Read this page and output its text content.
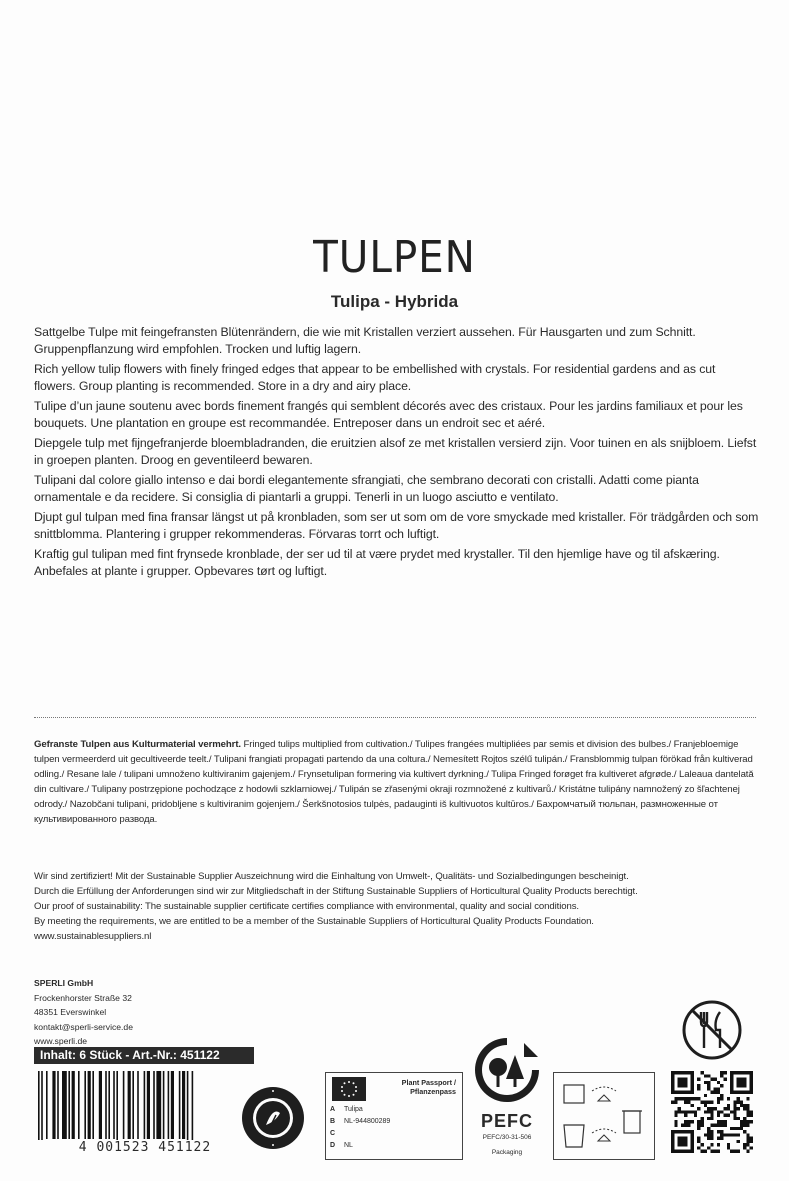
TULPEN
Tulipa - Hybrida

Sattgelbe Tulpe mit feingefransten Blütenrändern, die wie mit Kristallen verziert aussehen. Für Hausgarten und zum Schnitt. Gruppenpflanzung wird empfohlen. Trocken und luftig lagern.

Rich yellow tulip flowers with finely fringed edges that appear to be embellished with crystals. For residential gardens and as cut flowers. Group planting is recommended. Store in a dry and airy place.

Tulipe d’un jaune soutenu avec bords finement frangés qui semblent décorés avec des cristaux. Pour les jardins familiaux et pour les bouquets. Une plantation en groupe est recommandée. Entreposer dans un endroit sec et aéré.

Diepgele tulp met fijngefranjerde bloembladranden, die eruitzien alsof ze met kristallen versierd zijn. Voor tuinen en als snijbloem. Liefst in groepen planten. Droog en geventileerd bewaren.

Tulipani dal colore giallo intenso e dai bordi elegantemente sfrangiati, che sembrano decorati con cristalli. Adatti come pianta ornamentale e da recidere. Si consiglia di piantarli a gruppi. Tenerli in un luogo asciutto e ventilato.

Djupt gul tulpan med fina fransar längst ut på kronbladen, som ser ut som om de vore smyckade med kristaller. För trädgården och som snittblomma. Plantering i grupper rekommenderas. Förvaras torrt och luftigt.

Kraftig gul tulipan med fint frynsede kronblade, der ser ud til at være prydet med krystaller. Til den hjemlige have og til afskæring. Anbefales at plante i grupper. Opbevares tørt og luftigt.

Gefranste Tulpen aus Kulturmaterial vermehrt. Fringed tulips multiplied from cultivation./ Tulipes frangées multipliées par semis et division des bulbes./ Franjebloemige tulpen vermeerderd uit gecultiveerde teelt./ Tulipani frangiati propagati partendo da una coltura./ Nemesített Rojtos szélű tulipán./ Fransblommig tulpan förökad från kultiverad odling./ Resane lale / tulipani umnoženo kultiviranim gajenjem./ Frynsetulipan formering via kultivert dyrkning./ Tulipa Fringed forøget fra kultiveret afgrøde./ Laleaua dantelată din cultivare./ Tulipany postrzępione pochodzące z hodowli szklarniowej./ Tulipán se zřasenými okraji rozmnožené z kultivarů./ Kristátne tulipány namnožený zo šľachtenej odrody./ Nazobčani tulipani, pridobljene s kultiviranim gojenjem./ Šerkšnotosios tulpės, padauginti iš kultivuotos kultūros./ Бахромчатый тюльпан, размноженные от культивированного развода.
Wir sind zertifiziert! Mit der Sustainable Supplier Auszeichnung wird die Einhaltung von Umwelt-, Qualitäts- und Sozialbedingungen bescheinigt.
Durch die Erfüllung der Anforderungen sind wir zur Mitgliedschaft in der Stiftung Sustainable Suppliers of Horticultural Quality Products berechtigt.
Our proof of sustainability: The sustainable supplier certificate certifies compliance with environmental, quality and social conditions.
By meeting the requirements, we are entitled to be a member of the Sustainable Suppliers of Horticultural Quality Products Foundation.
www.sustainablesuppliers.nl
SPERLI GmbH
Frockenhorster Straße 32
48351 Everswinkel
kontakt@sperli-service.de
www.sperli.de
Inhalt: 6 Stück - Art.-Nr.: 451122
4 001523 451122
Plant Passport /
Pflanzenpass
A Tulipa
B NL-944800289
C
D NL
PEFC
PEFC/30-31-506
Packaging
